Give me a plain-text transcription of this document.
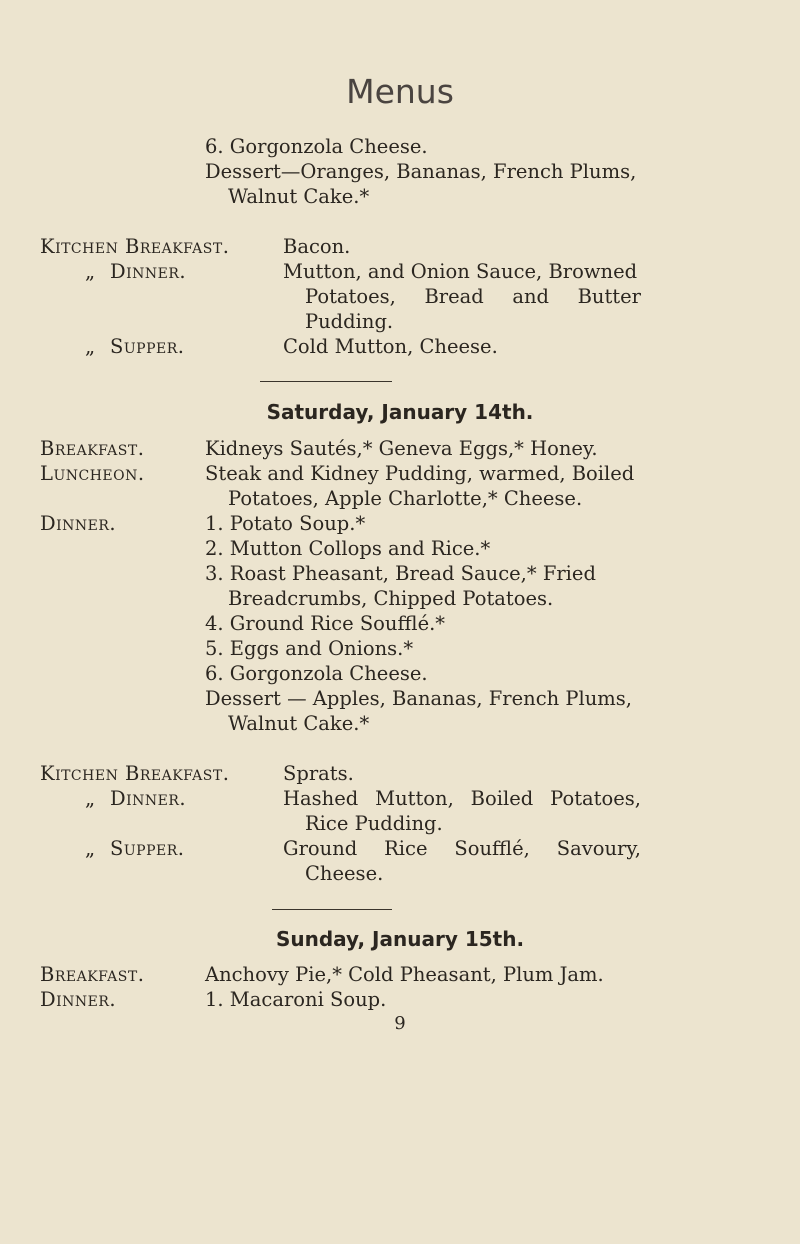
Menus
6. Gorgonzola Cheese.
Dessert—Oranges, Bananas, French Plums,
Walnut Cake.*
Kitchen Breakfast.	Bacon.
„ Dinner.	Mutton, and Onion Sauce, Browned
Potatoes, Bread and Butter
Pudding.
„ Supper.	Cold Mutton, Cheese.
Saturday, January 14th.
Breakfast.	Kidneys Sautés,* Geneva Eggs,* Honey.
Luncheon.	Steak and Kidney Pudding, warmed, Boiled
Potatoes, Apple Charlotte,* Cheese.
Dinner.	1. Potato Soup.*
2. Mutton Collops and Rice.*
3. Roast Pheasant, Bread Sauce,* Fried
Breadcrumbs, Chipped Potatoes.
4. Ground Rice Soufflé.*
5. Eggs and Onions.*
6. Gorgonzola Cheese.
Dessert — Apples, Bananas, French Plums,
Walnut Cake.*
Kitchen Breakfast.	Sprats.
„ Dinner.	Hashed Mutton, Boiled Potatoes,
Rice Pudding.
„ Supper.	Ground Rice Soufflé, Savoury,
Cheese.
Sunday, January 15th.
Breakfast.	Anchovy Pie,* Cold Pheasant, Plum Jam.
Dinner.	1. Macaroni Soup.
9
